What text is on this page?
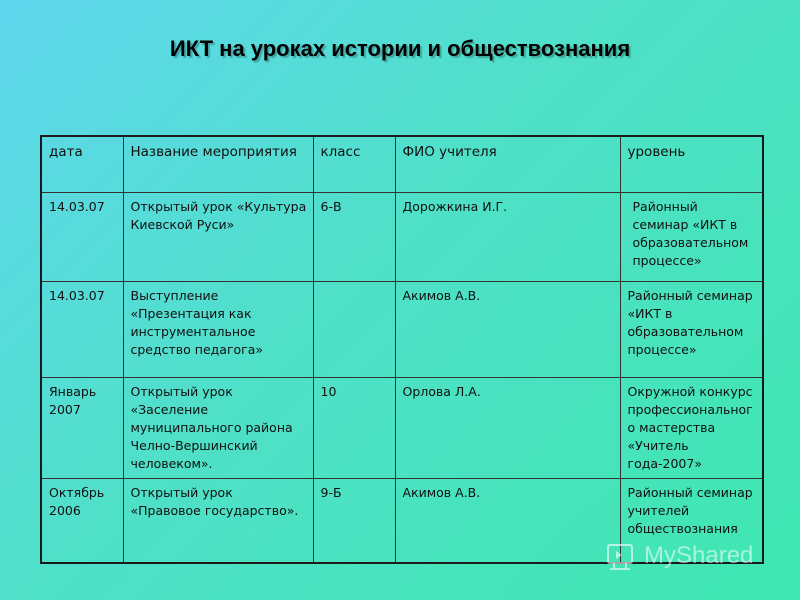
ИКТ на уроках истории и обществознания
дата	Название мероприятия	класс	ФИО учителя	уровень
14.03.07	Открытый урок «Культура Киевской Руси»	6-В	Дорожкина И.Г.	Районный семинар «ИКТ в образовательном процессе»
14.03.07	Выступление «Презентация как инструментальное средство педагога»		Акимов А.В.	Районный семинар «ИКТ в образовательном процессе»
Январь 2007	Открытый урок «Заселение муниципального района Челно-Вершинский человеком».	10	Орлова Л.А.	Окружной конкурс профессиональног о мастерства «Учитель года-2007»
Октябрь 2006	Открытый урок «Правовое государство».	9-Б	Акимов А.В.	Районный семинар учителей обществознания
MyShared
